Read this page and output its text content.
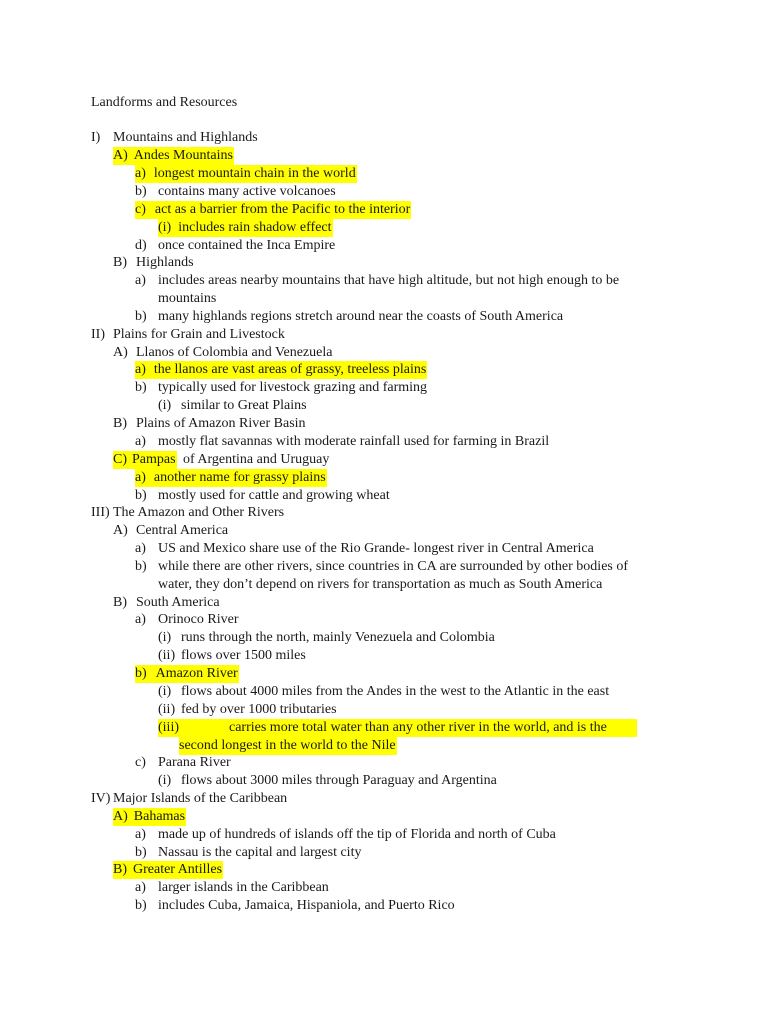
Landforms and Resources
I) Mountains and Highlands
A) Andes Mountains
a) longest mountain chain in the world
b) contains many active volcanoes
c) act as a barrier from the Pacific to the interior
(i) includes rain shadow effect
d) once contained the Inca Empire
B) Highlands
a) includes areas nearby mountains that have high altitude, but not high enough to be
mountains
b) many highlands regions stretch around near the coasts of South America
II) Plains for Grain and Livestock
A) Llanos of Colombia and Venezuela
a) the llanos are vast areas of grassy, treeless plains
b) typically used for livestock grazing and farming
(i) similar to Great Plains
B) Plains of Amazon River Basin
a) mostly flat savannas with moderate rainfall used for farming in Brazil
C) Pampas of Argentina and Uruguay
a) another name for grassy plains
b) mostly used for cattle and growing wheat
III) The Amazon and Other Rivers
A) Central America
a) US and Mexico share use of the Rio Grande- longest river in Central America
b) while there are other rivers, since countries in CA are surrounded by other bodies of
water, they don’t depend on rivers for transportation as much as South America
B) South America
a) Orinoco River
(i) runs through the north, mainly Venezuela and Colombia
(ii) flows over 1500 miles
b) Amazon River
(i) flows about 4000 miles from the Andes in the west to the Atlantic in the east
(ii) fed by over 1000 tributaries

(iii)	carries more total water than any other river in the world, and is the
second longest in the world to the Nile
c) Parana River
(i) flows about 3000 miles through Paraguay and Argentina
IV) Major Islands of the Caribbean
A) Bahamas
a) made up of hundreds of islands off the tip of Florida and north of Cuba
b) Nassau is the capital and largest city
B) Greater Antilles
a) larger islands in the Caribbean
b) includes Cuba, Jamaica, Hispaniola, and Puerto Rico
